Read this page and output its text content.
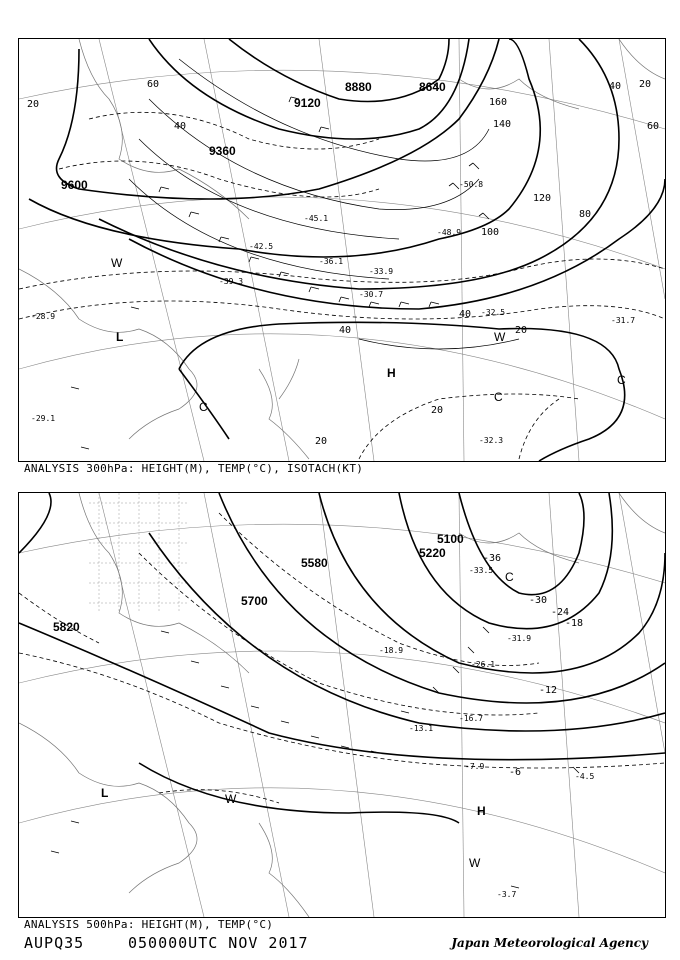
9120
9360
9600
8640
8880
20
40
60
80
100
120
140
160
20
20
20
20
40
40
40
60
-50.8
-48.9
-45.1
-42.5
-39.3
-36.1
-33.9
-30.7
-32.5
-28.9
-29.1
-32.3
-31.7
H
L
C
C
C
W
W
ANALYSIS 300hPa: HEIGHT(M), TEMP(°C), ISOTACH(KT)
5100
5220
5580
5700
5820
-36
-30
-24
-18
-12
-6
-33.5
-31.9
-26.1
-18.9
-16.7
-13.1
-7.9
-4.5
-3.7
H
L
C
W
W
ANALYSIS 500hPa: HEIGHT(M), TEMP(°C)
AUPQ35	050000UTC NOV 2017	Japan Meteorological Agency
